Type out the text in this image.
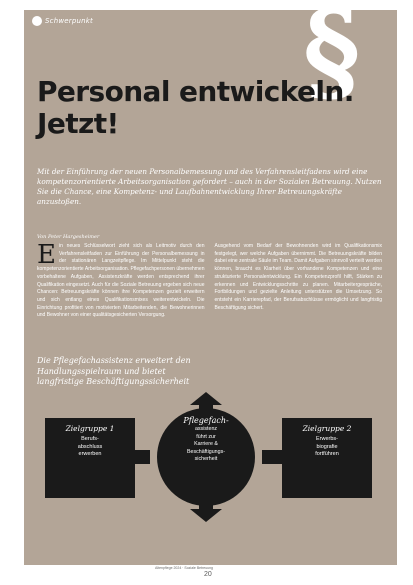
Schwerpunkt §
Personal entwickeln.
Jetzt!

Mit der Einführung der neuen Personalbemessung und des Verfahrensleitfadens wird eine kompetenzorientierte Arbeitsorganisation gefordert – auch in der Sozialen Betreuung. Nutzen Sie die Chance, eine Kompetenz- und Laufbahnentwicklung Ihrer Betreuungskräfte anzustoßen.

Von Peter Hargesheimer
E in neues Schlüsselwort zieht sich als Leitmotiv durch den Verfahrensleitfaden zur Einführung der Personalbemessung in der stationären Langzeitpflege. Im Mittelpunkt steht die kompetenzorientierte Arbeitsorganisation. Pflegefachpersonen übernehmen vorbehaltene Aufgaben, Assistenzkräfte werden entsprechend ihrer Qualifikation eingesetzt. Auch für die Soziale Betreuung ergeben sich neue Chancen: Betreuungskräfte können ihre Kompetenzen gezielt erweitern und sich entlang eines Qualifikationsmixes weiterentwickeln. Die Einrichtung profitiert von motivierten Mitarbeitenden, die Bewohnerinnen und Bewohner von einer qualitätsgesicherten Versorgung.
Ausgehend vom Bedarf der Bewohnenden wird im Qualifikationsmix festgelegt, wer welche Aufgaben übernimmt. Die Betreuungskräfte bilden dabei eine zentrale Säule im Team. Damit Aufgaben sinnvoll verteilt werden können, braucht es Klarheit über vorhandene Kompetenzen und eine strukturierte Personalentwicklung. Ein Kompetenzprofil hilft, Stärken zu erkennen und Entwicklungsschritte zu planen. Mitarbeitergespräche, Fortbildungen und gezielte Anleitung unterstützen die Umsetzung. So entsteht ein Karrierepfad, der Berufsabschlüsse ermöglicht und langfristig Beschäftigung sichert.
Die Pflegefachassistenz erweitert den Handlungsspielraum und bietet langfristige Beschäftigungssicherheit
Zielgruppe 1
Berufs-
abschluss
erwerben
Pflegefach-
assistenz
führt zur
Karriere &
Beschäftigungs-
sicherheit
Zielgruppe 2
Erwerbs-
biografie
fortführen
Altenpflege 2024 · Soziale Betreuung
20
